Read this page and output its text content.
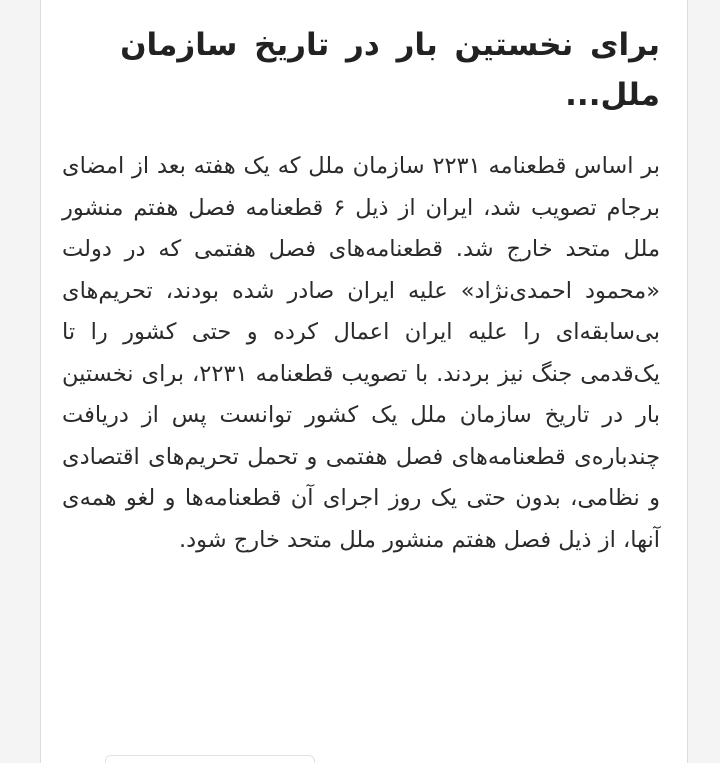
برای نخستین بار در تاریخ سازمان ملل...

بر اساس قطعنامه ۲۲۳۱ سازمان ملل که یک هفته بعد از امضای برجام تصویب شد، ایران از ذیل ۶ قطعنامه فصل هفتم منشور ملل متحد خارج شد. قطعنامه‌های فصل هفتمی که در دولت «محمود احمدی‌نژاد» علیه ایران صادر شده بودند، تحریم‌های بی‌سابقه‌ای را علیه ایران اعمال کرده و حتی کشور را تا یک‌قدمی جنگ نیز بردند. با تصویب قطعنامه ۲۲۳۱، برای نخستین بار در تاریخ سازمان ملل یک کشور توانست پس از دریافت چندباره‌ی قطعنامه‌های فصل هفتمی و تحمل تحریم‌های اقتصادی و نظامی، بدون حتی یک روز اجرای آن قطعنامه‌ها و لغو همه‌ی آنها، از ذیل فصل هفتم منشور ملل متحد خارج شود.
